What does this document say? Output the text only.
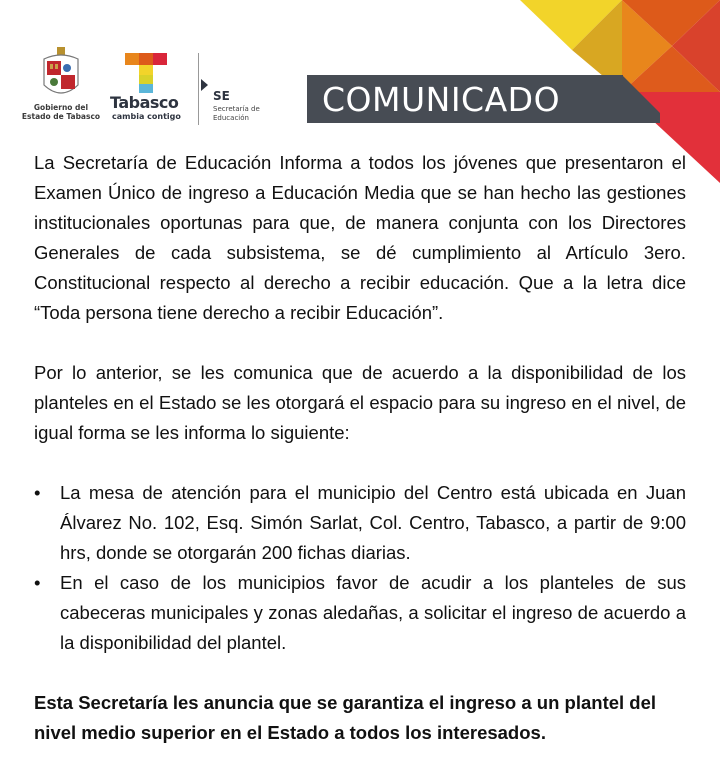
COMUNICADO
Gobierno del
Estado de Tabasco
Tabasco
cambia contigo
SE
Secretaría de
Educación

La Secretaría de Educación Informa a todos los jóvenes que presentaron el Examen Único de ingreso a Educación Media que se han hecho las gestiones institucionales oportunas para que, de manera conjunta con los Directores Generales de cada subsistema, se dé cumplimiento al Artículo 3ero. Constitucional respecto al derecho a recibir educación. Que a la letra dice “Toda persona tiene derecho a recibir Educación”.

Por lo anterior, se les comunica que de acuerdo a la disponibilidad de los planteles en el Estado se les otorgará el espacio para su ingreso en el nivel, de igual forma se les informa lo siguiente:

• La mesa de atención para el municipio del Centro está ubicada en Juan Álvarez No. 102, Esq. Simón Sarlat, Col. Centro, Tabasco, a partir de 9:00 hrs, donde se otorgarán 200 fichas diarias.
• En el caso de los municipios favor de acudir a los planteles de sus cabeceras municipales y zonas aledañas, a solicitar el ingreso de acuerdo a la disponibilidad del plantel.

Esta Secretaría les anuncia que se garantiza el ingreso a un plantel del nivel medio superior en el Estado a todos los interesados.
